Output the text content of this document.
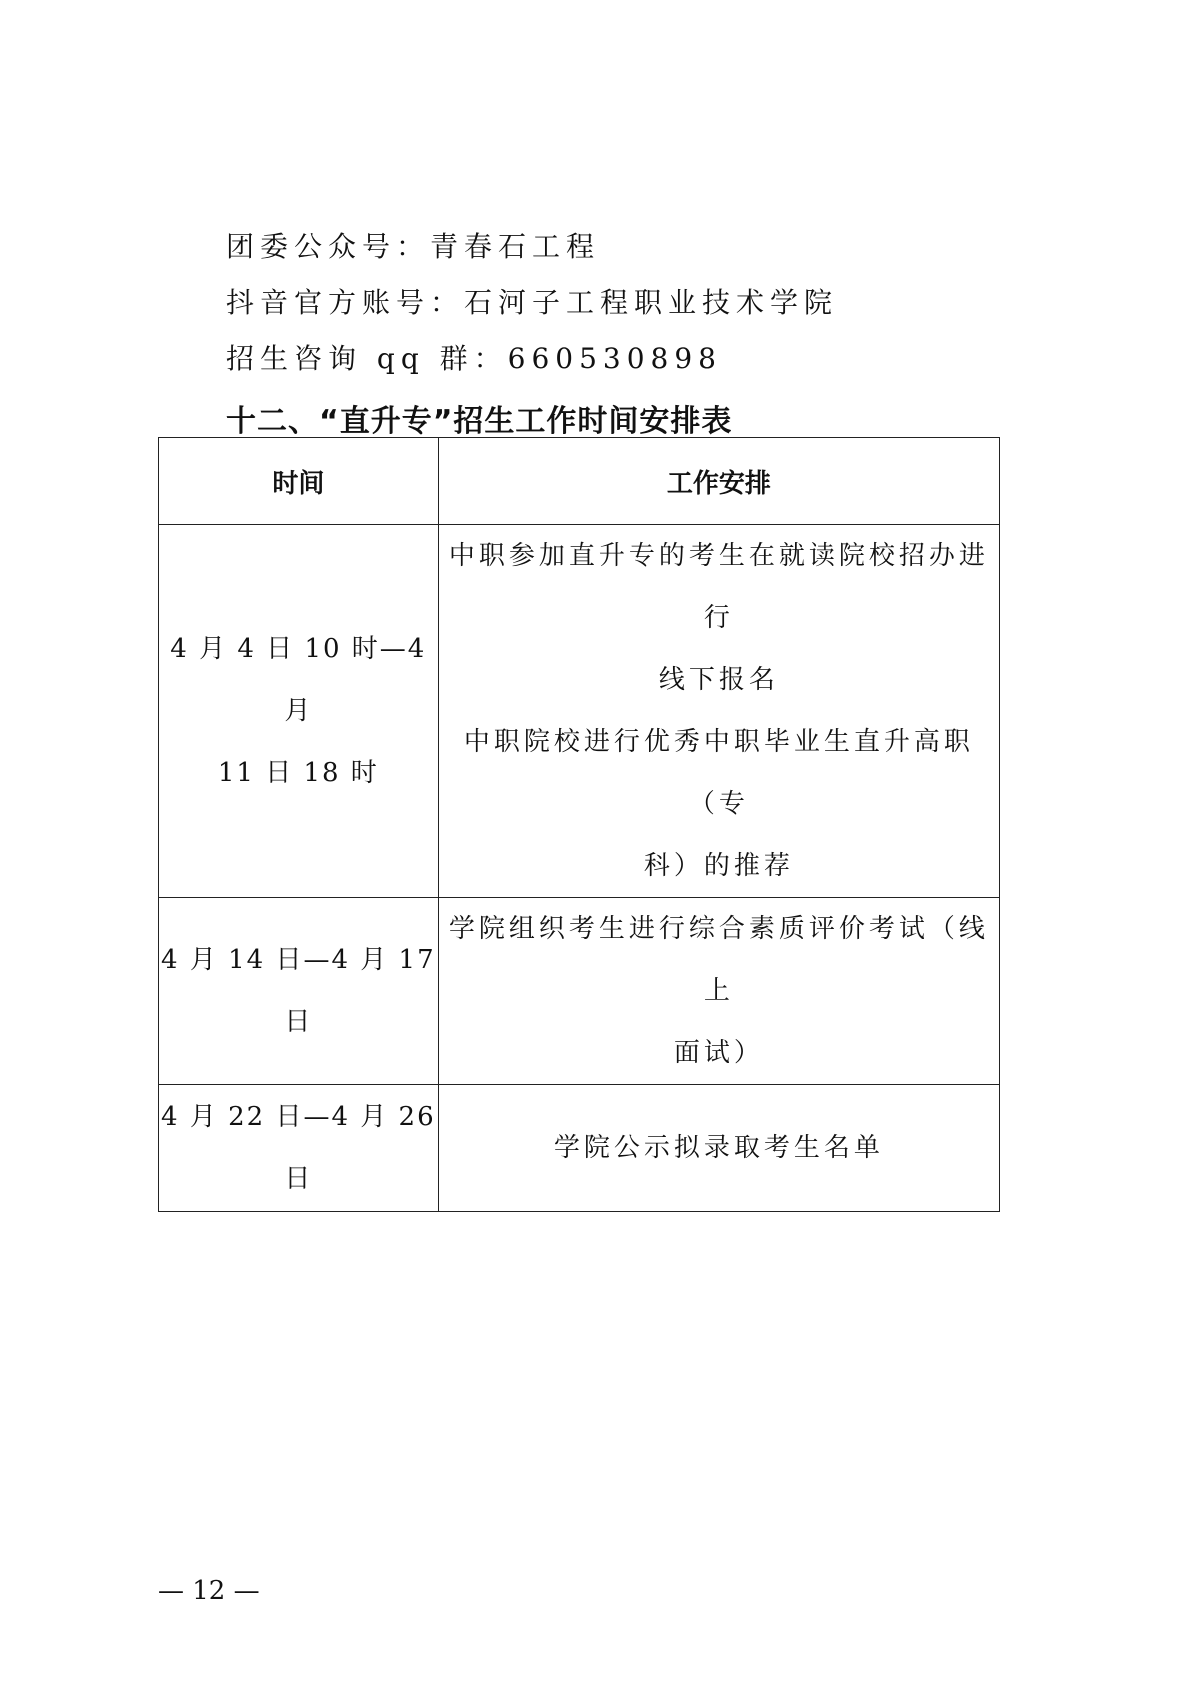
团委公众号：青春石工程
抖音官方账号：石河子工程职业技术学院
招生咨询 qq 群：660530898
十二、“直升专”招生工作时间安排表
时间	工作安排

4 月 4 日 10 时—4 月
11 日 18 时	中职参加直升专的考生在就读院校招办进行
线下报名
中职院校进行优秀中职毕业生直升高职（专
科）的推荐

4 月 14 日—4 月 17 日	学院组织考生进行综合素质评价考试（线上
面试）

4 月 22 日—4 月 26 日	学院公示拟录取考生名单
— 12 —
